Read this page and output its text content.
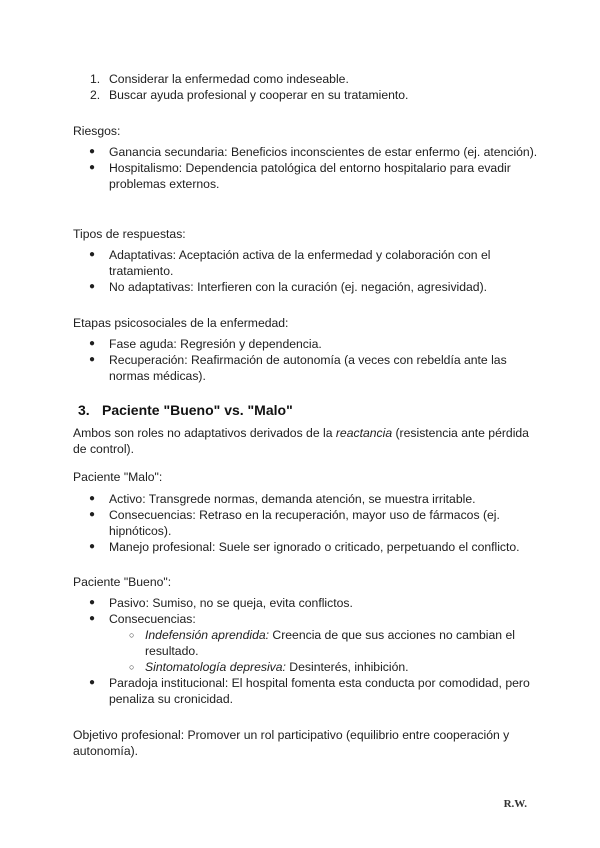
1. Considerar la enfermedad como indeseable.
2. Buscar ayuda profesional y cooperar en su tratamiento.

Riesgos:

● Ganancia secundaria: Beneficios inconscientes de estar enfermo (ej. atención).
● Hospitalismo: Dependencia patológica del entorno hospitalario para evadir problemas externos.

Tipos de respuestas:

● Adaptativas: Aceptación activa de la enfermedad y colaboración con el tratamiento.
● No adaptativas: Interfieren con la curación (ej. negación, agresividad).

Etapas psicosociales de la enfermedad:

● Fase aguda: Regresión y dependencia.
● Recuperación: Reafirmación de autonomía (a veces con rebeldía ante las normas médicas).
3. Paciente "Bueno" vs. "Malo"

Ambos son roles no adaptativos derivados de la reactancia (resistencia ante pérdida de control).

Paciente "Malo":

● Activo: Transgrede normas, demanda atención, se muestra irritable.
● Consecuencias: Retraso en la recuperación, mayor uso de fármacos (ej. hipnóticos).
● Manejo profesional: Suele ser ignorado o criticado, perpetuando el conflicto.

Paciente "Bueno":

● Pasivo: Sumiso, no se queja, evita conflictos.
● Consecuencias:
○ Indefensión aprendida: Creencia de que sus acciones no cambian el resultado.
○ Sintomatología depresiva: Desinterés, inhibición.
● Paradoja institucional: El hospital fomenta esta conducta por comodidad, pero penaliza su cronicidad.

Objetivo profesional: Promover un rol participativo (equilibrio entre cooperación y autonomía).

R.W.
